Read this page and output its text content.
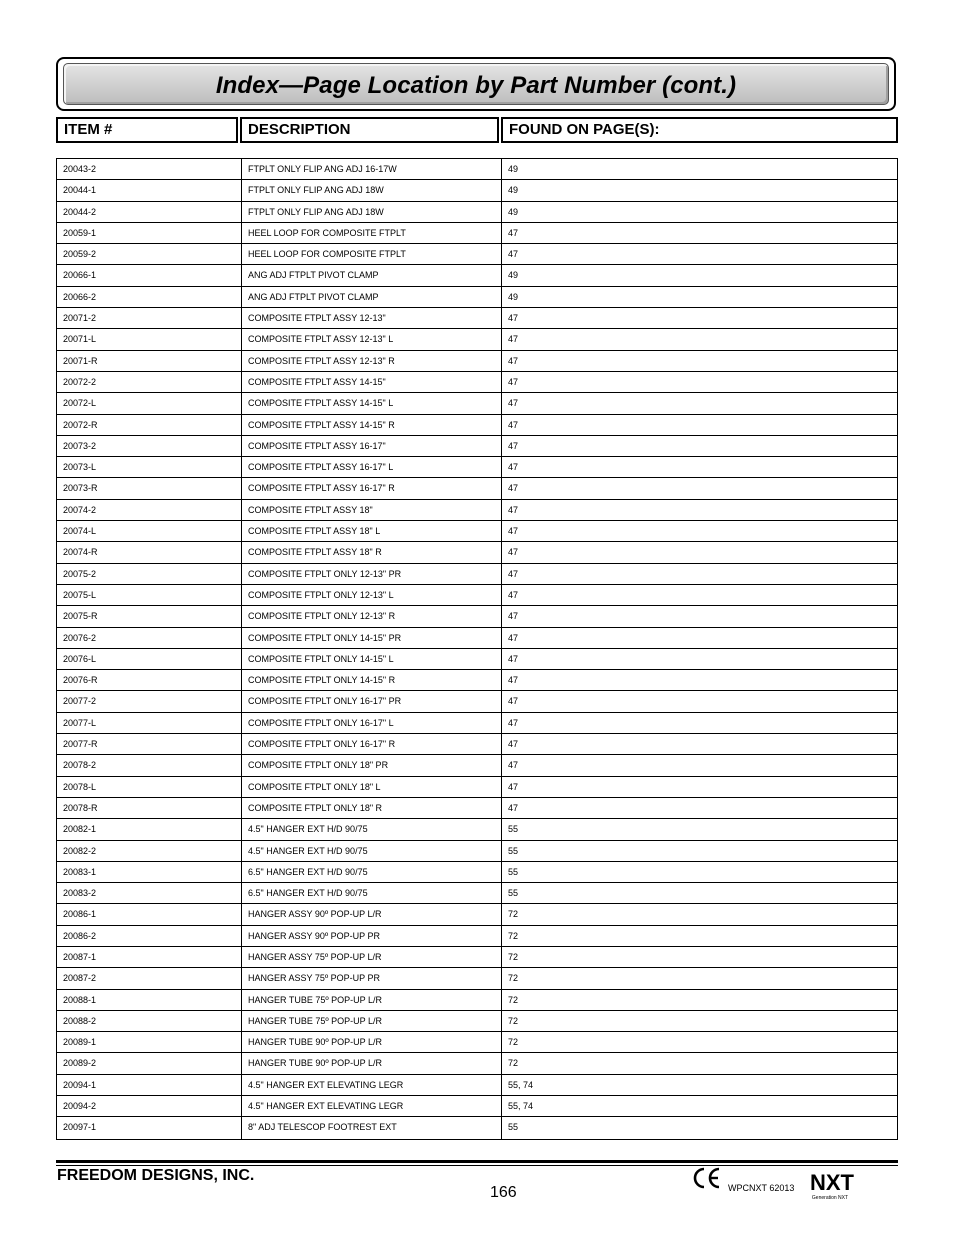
Index—Page Location by Part Number (cont.)
ITEM #	DESCRIPTION	FOUND ON PAGE(S):
20043-2	FTPLT ONLY FLIP ANG ADJ 16-17W	49
20044-1	FTPLT ONLY FLIP ANG ADJ 18W	49
20044-2	FTPLT ONLY FLIP ANG ADJ 18W	49
20059-1	HEEL LOOP FOR COMPOSITE FTPLT	47
20059-2	HEEL LOOP FOR COMPOSITE FTPLT	47
20066-1	ANG ADJ FTPLT PIVOT CLAMP	49
20066-2	ANG ADJ FTPLT PIVOT CLAMP	49
20071-2	COMPOSITE FTPLT ASSY 12-13"	47
20071-L	COMPOSITE FTPLT ASSY 12-13" L	47
20071-R	COMPOSITE FTPLT ASSY 12-13" R	47
20072-2	COMPOSITE FTPLT ASSY 14-15"	47
20072-L	COMPOSITE FTPLT ASSY 14-15" L	47
20072-R	COMPOSITE FTPLT ASSY 14-15" R	47
20073-2	COMPOSITE FTPLT ASSY 16-17"	47
20073-L	COMPOSITE FTPLT ASSY 16-17" L	47
20073-R	COMPOSITE FTPLT ASSY 16-17" R	47
20074-2	COMPOSITE FTPLT ASSY 18"	47
20074-L	COMPOSITE FTPLT ASSY 18" L	47
20074-R	COMPOSITE FTPLT ASSY 18" R	47
20075-2	COMPOSITE FTPLT ONLY 12-13" PR	47
20075-L	COMPOSITE FTPLT ONLY 12-13" L	47
20075-R	COMPOSITE FTPLT ONLY 12-13" R	47
20076-2	COMPOSITE FTPLT ONLY 14-15" PR	47
20076-L	COMPOSITE FTPLT ONLY 14-15" L	47
20076-R	COMPOSITE FTPLT ONLY 14-15" R	47
20077-2	COMPOSITE FTPLT ONLY 16-17" PR	47
20077-L	COMPOSITE FTPLT ONLY 16-17" L	47
20077-R	COMPOSITE FTPLT ONLY 16-17" R	47
20078-2	COMPOSITE FTPLT ONLY 18" PR	47
20078-L	COMPOSITE FTPLT ONLY 18" L	47
20078-R	COMPOSITE FTPLT ONLY 18" R	47
20082-1	4.5" HANGER EXT H/D 90/75	55
20082-2	4.5" HANGER EXT H/D 90/75	55
20083-1	6.5" HANGER EXT H/D 90/75	55
20083-2	6.5" HANGER EXT H/D 90/75	55
20086-1	HANGER ASSY 90º POP-UP L/R	72
20086-2	HANGER ASSY 90º POP-UP PR	72
20087-1	HANGER ASSY 75º POP-UP L/R	72
20087-2	HANGER ASSY 75º POP-UP PR	72
20088-1	HANGER TUBE 75º POP-UP L/R	72
20088-2	HANGER TUBE 75º POP-UP L/R	72
20089-1	HANGER TUBE 90º POP-UP L/R	72
20089-2	HANGER TUBE 90º POP-UP L/R	72
20094-1	4.5" HANGER EXT ELEVATING LEGR	55, 74
20094-2	4.5" HANGER EXT ELEVATING LEGR	55, 74
20097-1	8" ADJ TELESCOP FOOTREST EXT	55
FREEDOM DESIGNS, INC.
166	WPCNXT 62013 NXT
Generation NXT
